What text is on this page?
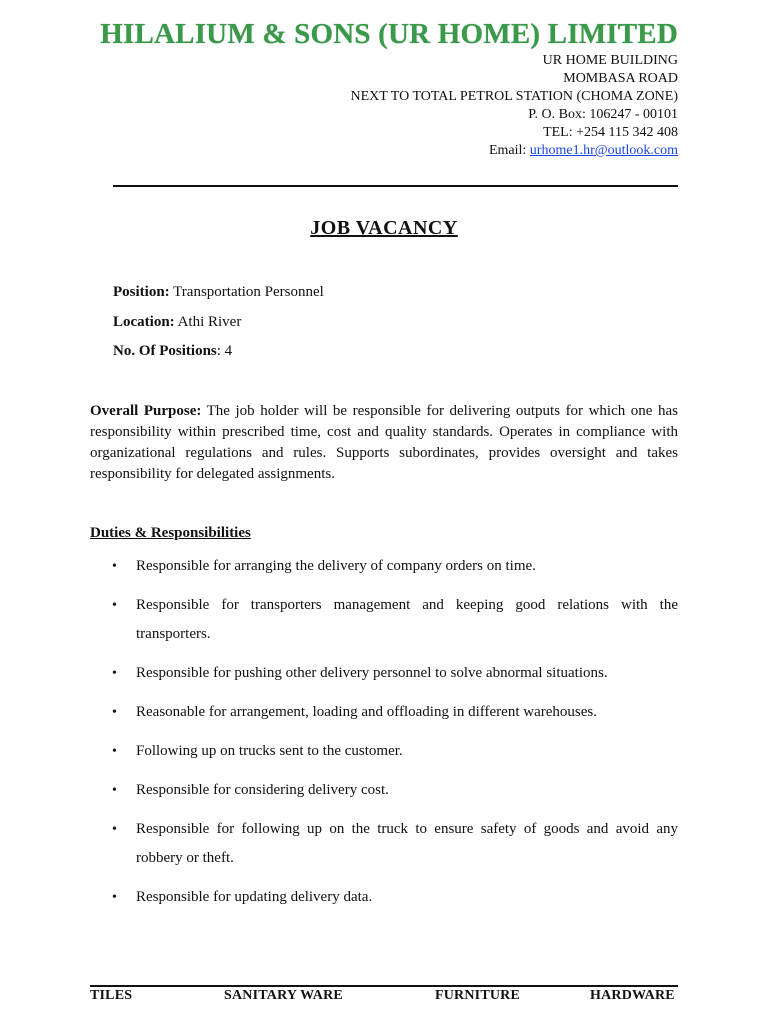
HILALIUM & SONS (UR HOME) LIMITED
UR HOME BUILDING
MOMBASA ROAD
NEXT TO TOTAL PETROL STATION (CHOMA ZONE)
P. O. Box: 106247 - 00101
TEL: +254 115 342 408
Email: urhome1.hr@outlook.com
JOB VACANCY
Position: Transportation Personnel
Location: Athi River
No. Of Positions: 4
Overall Purpose: The job holder will be responsible for delivering outputs for which one has responsibility within prescribed time, cost and quality standards. Operates in compliance with organizational regulations and rules. Supports subordinates, provides oversight and takes responsibility for delegated assignments.
Duties & Responsibilities
• Responsible for arranging the delivery of company orders on time.
• Responsible for transporters management and keeping good relations with the transporters.
• Responsible for pushing other delivery personnel to solve abnormal situations.
• Reasonable for arrangement, loading and offloading in different warehouses.
• Following up on trucks sent to the customer.
• Responsible for considering delivery cost.
• Responsible for following up on the truck to ensure safety of goods and avoid any robbery or theft.
• Responsible for updating delivery data.
TILES	SANITARY WARE	FURNITURE	HARDWARE
